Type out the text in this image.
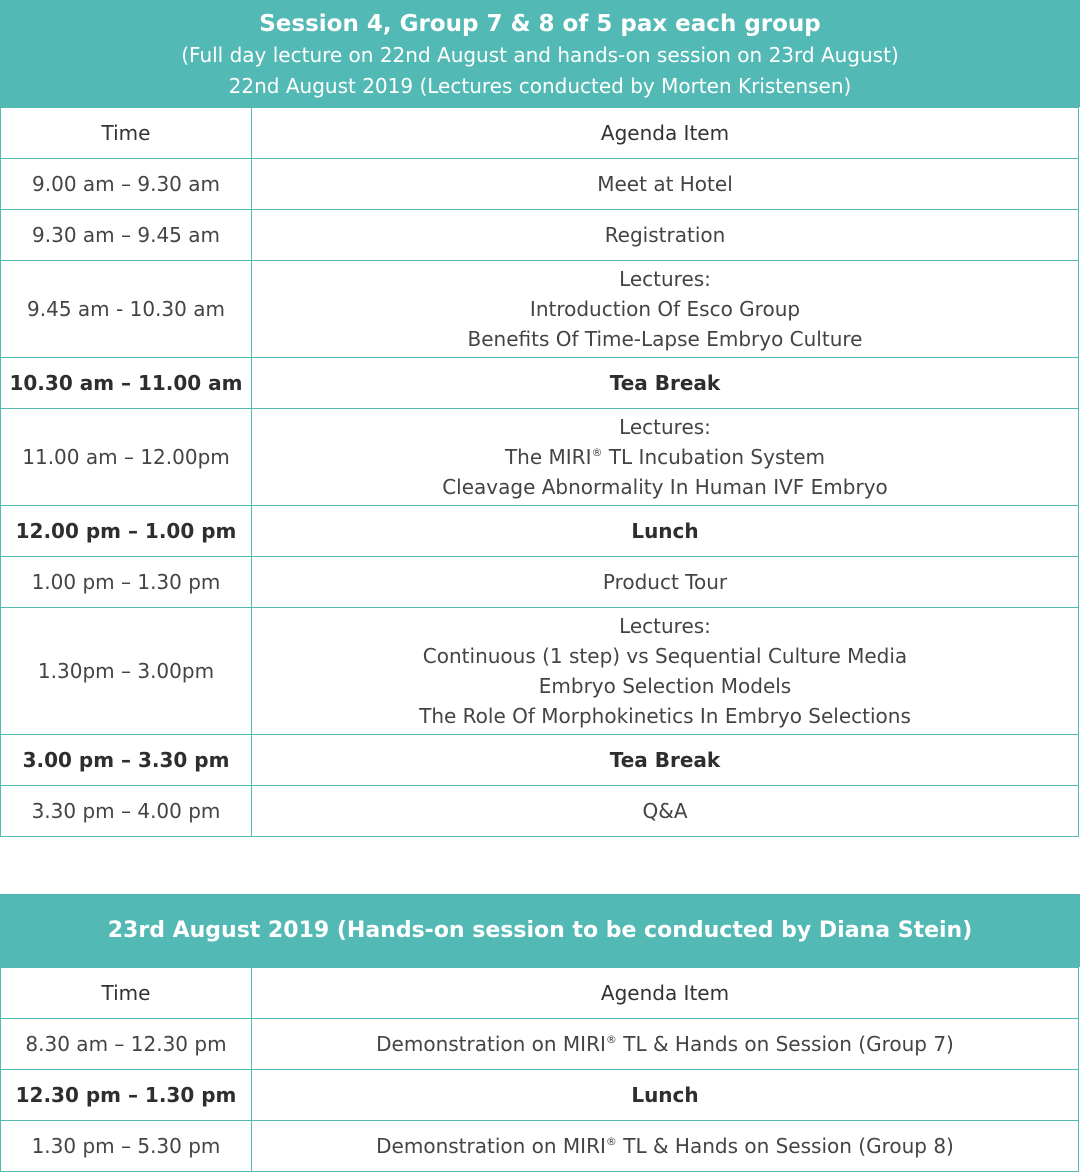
Session 4, Group 7 & 8 of 5 pax each group
(Full day lecture on 22nd August and hands-on session on 23rd August)
22nd August 2019 (Lectures conducted by Morten Kristensen)
Time	Agenda Item
9.00 am – 9.30 am	Meet at Hotel

9.30 am – 9.45 am	Registration

9.45 am - 10.30 am	Lectures:
Introduction Of Esco Group
Benefits Of Time-Lapse Embryo Culture

10.30 am – 11.00 am	Tea Break

11.00 am – 12.00pm	Lectures:
The MIRI® TL Incubation System
Cleavage Abnormality In Human IVF Embryo

12.00 pm – 1.00 pm	Lunch

1.00 pm – 1.30 pm	Product Tour

1.30pm – 3.00pm	Lectures:
Continuous (1 step) vs Sequential Culture Media
Embryo Selection Models
The Role Of Morphokinetics In Embryo Selections

3.00 pm – 3.30 pm	Tea Break

3.30 pm – 4.00 pm	Q&A
23rd August 2019 (Hands-on session to be conducted by Diana Stein)
Time	Agenda Item
8.30 am – 12.30 pm	Demonstration on MIRI® TL & Hands on Session (Group 7)

12.30 pm – 1.30 pm	Lunch

1.30 pm – 5.30 pm	Demonstration on MIRI® TL & Hands on Session (Group 8)
